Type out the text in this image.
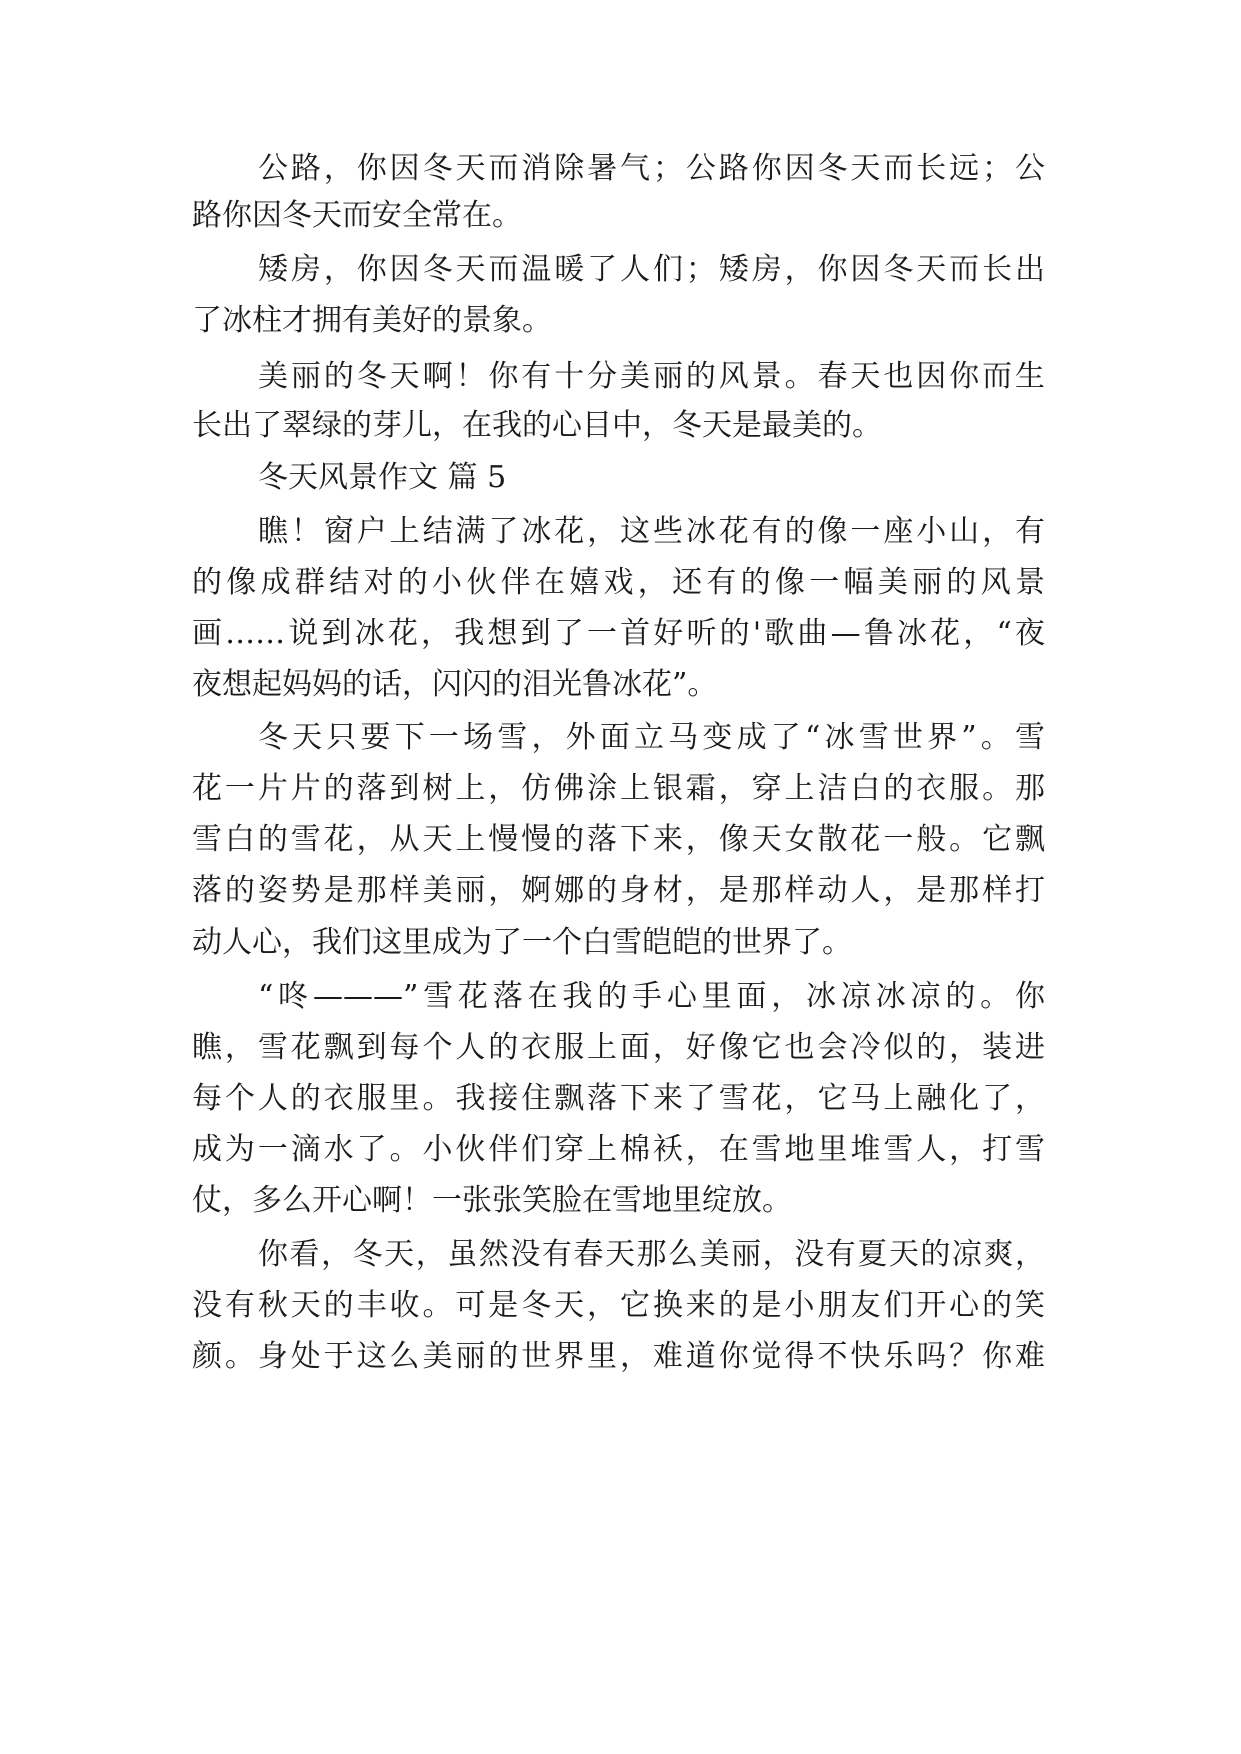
公路，你因冬天而消除暑气；公路你因冬天而长远；公
路你因冬天而安全常在。
矮房，你因冬天而温暖了人们；矮房，你因冬天而长出
了冰柱才拥有美好的景象。
美丽的冬天啊！你有十分美丽的风景。春天也因你而生
长出了翠绿的芽儿，在我的心目中，冬天是最美的。
冬天风景作文 篇 5
瞧！窗户上结满了冰花，这些冰花有的像一座小山，有
的像成群结对的小伙伴在嬉戏，还有的像一幅美丽的风景
画……说到冰花，我想到了一首好听的'歌曲—鲁冰花，“夜
夜想起妈妈的话，闪闪的泪光鲁冰花”。
冬天只要下一场雪，外面立马变成了“冰雪世界”。雪
花一片片的落到树上，仿佛涂上银霜，穿上洁白的衣服。那
雪白的雪花，从天上慢慢的落下来，像天女散花一般。它飘
落的姿势是那样美丽，婀娜的身材，是那样动人，是那样打
动人心，我们这里成为了一个白雪皑皑的世界了。
“咚———”雪花落在我的手心里面，冰凉冰凉的。你
瞧，雪花飘到每个人的衣服上面，好像它也会冷似的，装进
每个人的衣服里。我接住飘落下来了雪花，它马上融化了，
成为一滴水了。小伙伴们穿上棉袄，在雪地里堆雪人，打雪
仗，多么开心啊！一张张笑脸在雪地里绽放。
你看，冬天，虽然没有春天那么美丽，没有夏天的凉爽，
没有秋天的丰收。可是冬天，它换来的是小朋友们开心的笑
颜。身处于这么美丽的世界里，难道你觉得不快乐吗？你难
